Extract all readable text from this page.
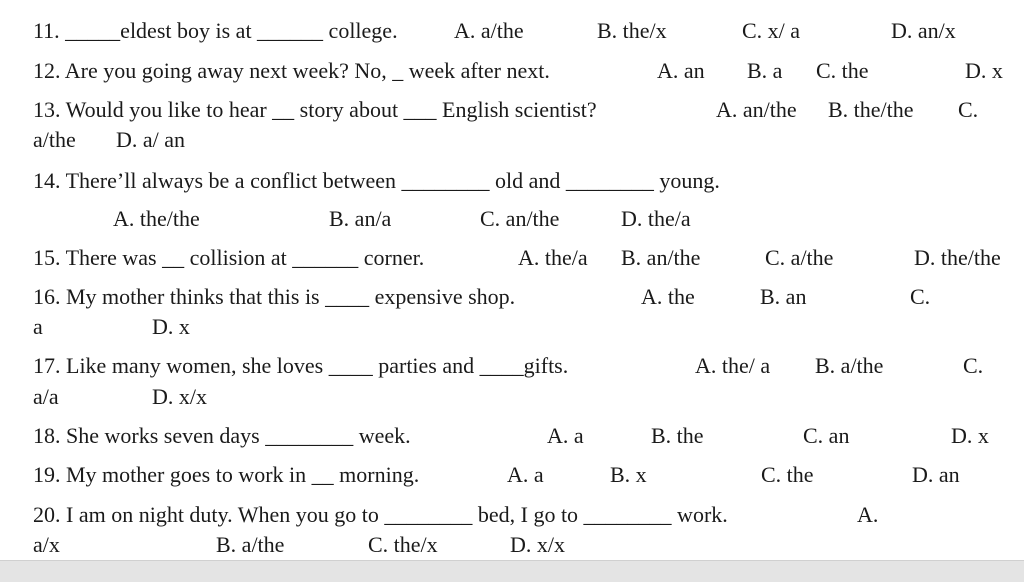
11. _____eldest boy is at ______ college.	A. a/the	B. the/x	C. x/ a	D. an/x
12. Are you going away next week? No, _ week after next.	A. an B. a C. the	D. x
13. Would you like to hear __ story about ___ English scientist?	A. an/the B. the/the C.
a/the D. a/ an
14. There’ll always be a conflict between ________ old and ________ young.
A. the/the	B. an/a	C. an/the	D. the/a
15. There was __ collision at ______ corner.	A. the/a B. an/the	C. a/the	D. the/the
16. My mother thinks that this is ____ expensive shop.	A. the	B. an	C.
a	D. x
17. Like many women, she loves ____ parties and ____gifts.	A. the/ a B. a/the	C.
a/a	D. x/x
18. She works seven days ________ week.	A. a	B. the	C. an	D. x
19. My mother goes to work in __ morning.	A. a	B. x	C. the	D. an
20. I am on night duty. When you go to ________ bed, I go to ________ work.	A.
a/x	B. a/the	C. the/x	D. x/x
